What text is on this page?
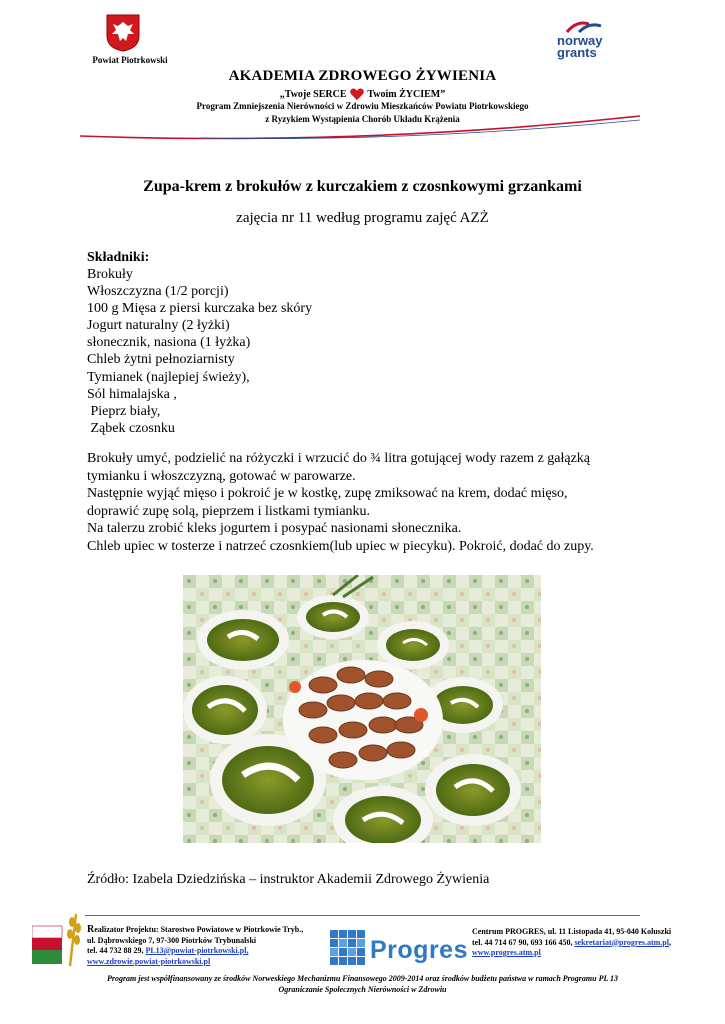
Powiat Piotrkowski
norway
grants
AKADEMIA ZDROWEGO ŻYWIENIA
„Twoje SERCE Twoim ŻYCIEM”
Program Zmniejszenia Nierówności w Zdrowiu Mieszkańców Powiatu Piotrkowskiego
z Ryzykiem Wystąpienia Chorób Układu Krążenia
Zupa-krem z brokułów z kurczakiem z czosnkowymi grzankami
zajęcia nr 11 według programu zajęć AZŻ
Składniki:
Brokuły
Włoszczyzna (1/2 porcji)
100 g Mięsa z piersi kurczaka bez skóry
Jogurt naturalny (2 łyżki)
słonecznik, nasiona (1 łyżka)
Chleb żytni pełnoziarnisty
Tymianek (najlepiej świeży),
Sól himalajska ,
Pieprz biały,
Ząbek czosnku
Brokuły umyć, podzielić na różyczki i wrzucić do ¾ litra gotującej wody razem z gałązką
tymianku i włoszczyzną, gotować w parowarze.
Następnie wyjąć mięso i pokroić je w kostkę, zupę zmiksować na krem, dodać mięso,
doprawić zupę solą, pieprzem i listkami tymianku.
Na talerzu zrobić kleks jogurtem i posypać nasionami słonecznika.
Chleb upiec w tosterze i natrzeć czosnkiem(lub upiec w piecyku). Pokroić, dodać do zupy.
Źródło: Izabela Dziedzińska – instruktor Akademii Zdrowego Żywienia
Realizator Projektu: Starostwo Powiatowe w Piotrkowie Tryb.,
ul. Dąbrowskiego 7, 97-300 Piotrków Trybunalski
tel. 44 732 88 29, PL13@powiat-piotrkowski.pl,
www.zdrowie.powiat-piotrkowski.pl	Progres
Centrum PROGRES, ul. 11 Listopada 41, 95-040 Koluszki
tel. 44 714 67 90, 693 166 450, sekretariat@progres.atm.pl,
www.progres.atm.pl
Program jest współfinansowany ze środków Norweskiego Mechanizmu Finansowego 2009-2014 oraz środków budżetu państwa w ramach Programu PL 13
Ograniczanie Społecznych Nierówności w Zdrowiu
